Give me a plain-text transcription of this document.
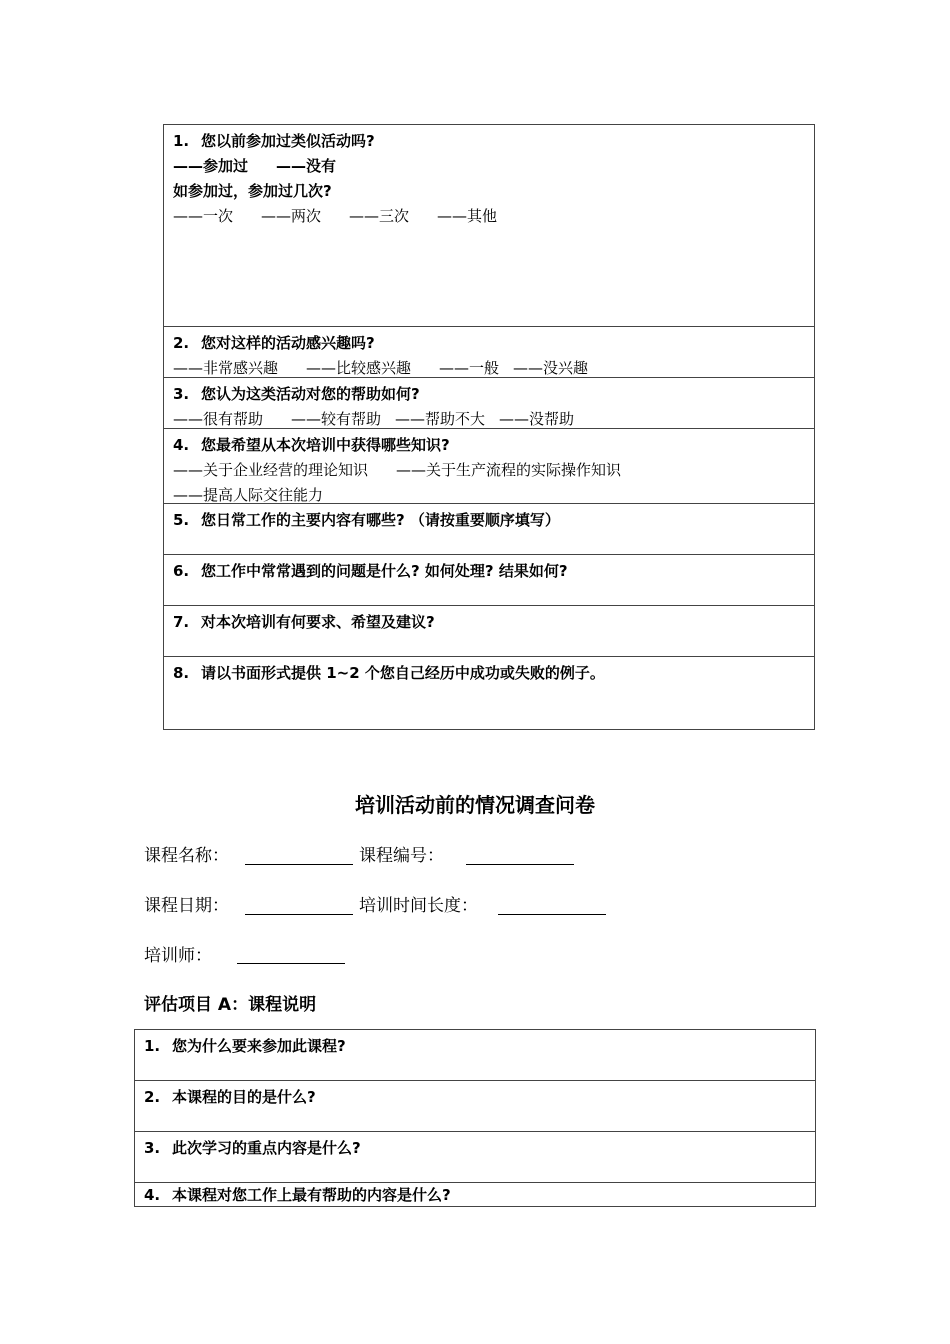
1. 您以前参加过类似活动吗?
——参加过 ——没有
如参加过，参加过几次?
——一次 ——两次 ——三次 ——其他
2. 您对这样的活动感兴趣吗?
——非常感兴趣 ——比较感兴趣 ——一般 ——没兴趣
3. 您认为这类活动对您的帮助如何?
——很有帮助 ——较有帮助 ——帮助不大 ——没帮助
4. 您最希望从本次培训中获得哪些知识?
——关于企业经营的理论知识 ——关于生产流程的实际操作知识
——提高人际交往能力
5. 您日常工作的主要内容有哪些? （请按重要顺序填写）
6. 您工作中常常遇到的问题是什么? 如何处理? 结果如何?
7. 对本次培训有何要求、希望及建议?
8. 请以书面形式提供 1~2 个您自己经历中成功或失败的例子。
培训活动前的情况调查问卷
课程名称：	课程编号：
课程日期：	培训时间长度：
培训师：
评估项目 A：课程说明
1. 您为什么要来参加此课程?
2. 本课程的目的是什么?
3. 此次学习的重点内容是什么?
4. 本课程对您工作上最有帮助的内容是什么?
